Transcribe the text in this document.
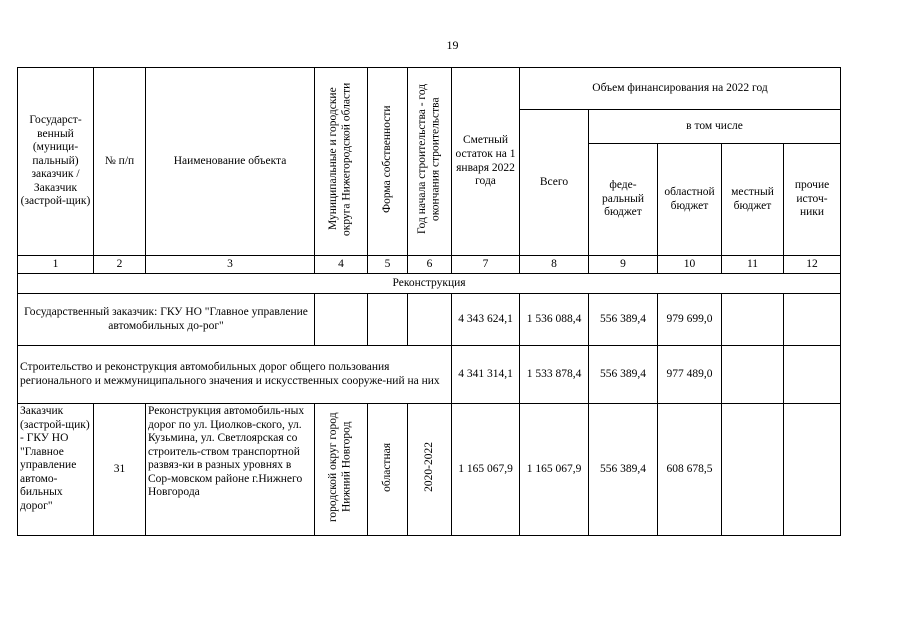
19
Государст-венный (муници-пальный) заказчик / Заказчик (застрой-щик)	№ п/п	Наименование объекта	Муниципальные и городские округа Нижегородской области	Форма собственности	Год начала строительства - год окончания строительства	Сметный остаток на 1 января 2022 года	Объем финансирования на 2022 год				
							Всего	в том числе			
								феде-ральный бюджет	областной бюджет	местный бюджет	прочие источ-ники
1	2	3	4	5	6	7	8	9	10	11	12
Реконструкция											
Государственный заказчик: ГКУ НО "Главное управление автомобильных до-рог"						4 343 624,1	1 536 088,4	556 389,4	979 699,0		
Строительство и реконструкция автомобильных дорог общего пользования регионального и межмуниципального значения и искусственных сооруже-ний на них						4 341 314,1	1 533 878,4	556 389,4	977 489,0		
Заказчик (застрой-щик) - ГКУ НО "Главное управление автомо-бильных дорог"	31	Реконструкция автомобиль-ных дорог по ул. Циолков-ского, ул. Кузьмина, ул. Светлоярская со строитель-ством транспортной развяз-ки в разных уровнях в Сор-мовском районе г.Нижнего Новгорода	городской округ город Нижний Новгород	областная	2020-2022	1 165 067,9	1 165 067,9	556 389,4	608 678,5		
